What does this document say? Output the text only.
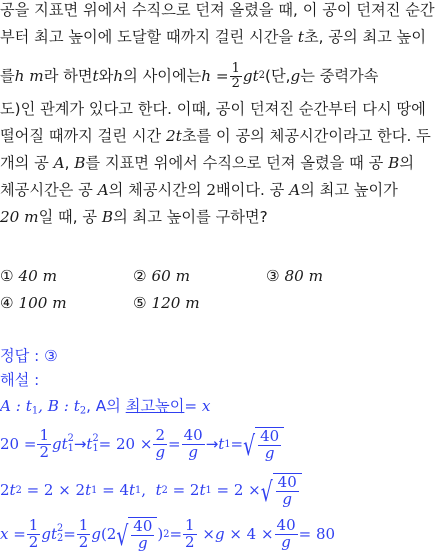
공을 지표면 위에서 수직으로 던져 올렸을 때, 이 공이 던져진 순간
부터 최고 높이에 도달할 때까지 걸린 시간을 t초, 공의 최고 높이
를 h m 라 하면 t 와 h 의 사이에는 $h = \frac{1}{2}$ gt 2 (단, g 는 중력가속
도)인 관계가 있다고 한다. 이때, 공이 던져진 순간부터 다시 땅에
떨어질 때까지 걸린 시간 2t초를 이 공의 체공시간이라고 한다. 두
개의 공 A, B를 지표면 위에서 수직으로 던져 올렸을 때 공 B의
체공시간은 공 A의 체공시간의 2배이다. 공 A의 최고 높이가
20 m일 때, 공 B의 최고 높이를 구하면?
① 40 m	② 60 m	③ 80 m
④ 100 m	⑤ 120 m
정답 : ③
해설 :
A : $t_1$, B : $t_2$, A의 최고높이= x
$20 = \frac{1}{2}$ gt 2
1 → t 2
$1 = 20 \times \frac{2}{g} = \frac{40}{g} \to t$ 1 = √ $\frac{40}{g}$
2 t 2 = 2 × 2 t 1 = 4 t 1 , t 2 = 2 t 1 = 2 × √ $\frac{40}{g}$
$x = \frac{1}{2}$ gt 2
$2 = \frac{1}{2}$ g (2 √ $\frac{40}{g}$ ) $2 = \frac{1}{2} \times g \times 4 \times \frac{40}{g} = 80$
